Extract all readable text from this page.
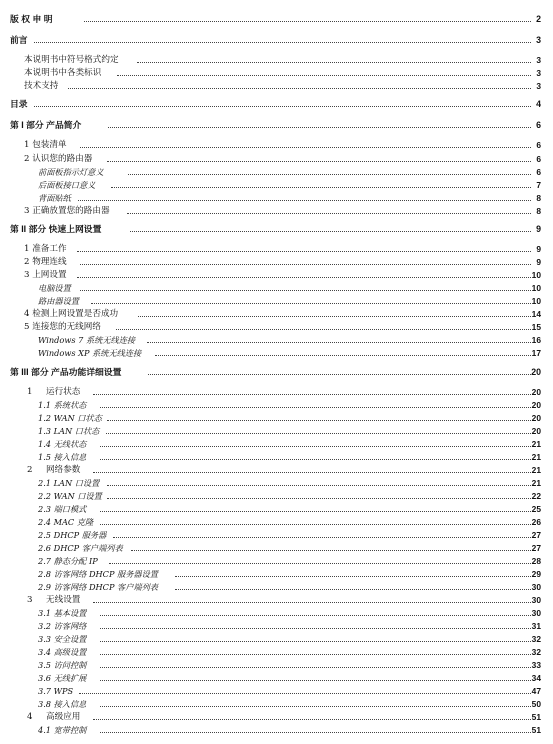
版 权 申 明	2
前言	3
本说明书中符号格式约定	3
本说明书中各类标识	3
技术支持	3
目录	4
第 I 部分 产品简介	6
1 包装清单	6
2 认识您的路由器	6
前面板指示灯意义	6
后面板接口意义	7
背面贴纸	8
3 正确放置您的路由器	8
第 II 部分 快速上网设置	9
1 准备工作	9
2 物理连线	9
3 上网设置	10
电脑设置	10
路由器设置	10
4 检测上网设置是否成功	14
5 连接您的无线网络	15
Windows 7 系统无线连接	16
Windows XP 系统无线连接	17
第 III 部分 产品功能详细设置	20
1 运行状态	20
1.1 系统状态	20
1.2 WAN 口状态	20
1.3 LAN 口状态	20
1.4 无线状态	21
1.5 接入信息	21
2 网络参数	21
2.1 LAN 口设置	21
2.2 WAN 口设置	22
2.3 端口模式	25
2.4 MAC 克隆	26
2.5 DHCP 服务器	27
2.6 DHCP 客户端列表	27
2.7 静态分配 IP	28
2.8 访客网络 DHCP 服务器设置	29
2.9 访客网络 DHCP 客户端列表	30
3 无线设置	30
3.1 基本设置	30
3.2 访客网络	31
3.3 安全设置	32
3.4 高级设置	32
3.5 访问控制	33
3.6 无线扩展	34
3.7 WPS	47
3.8 接入信息	50
4 高级应用	51
4.1 宽带控制	51
